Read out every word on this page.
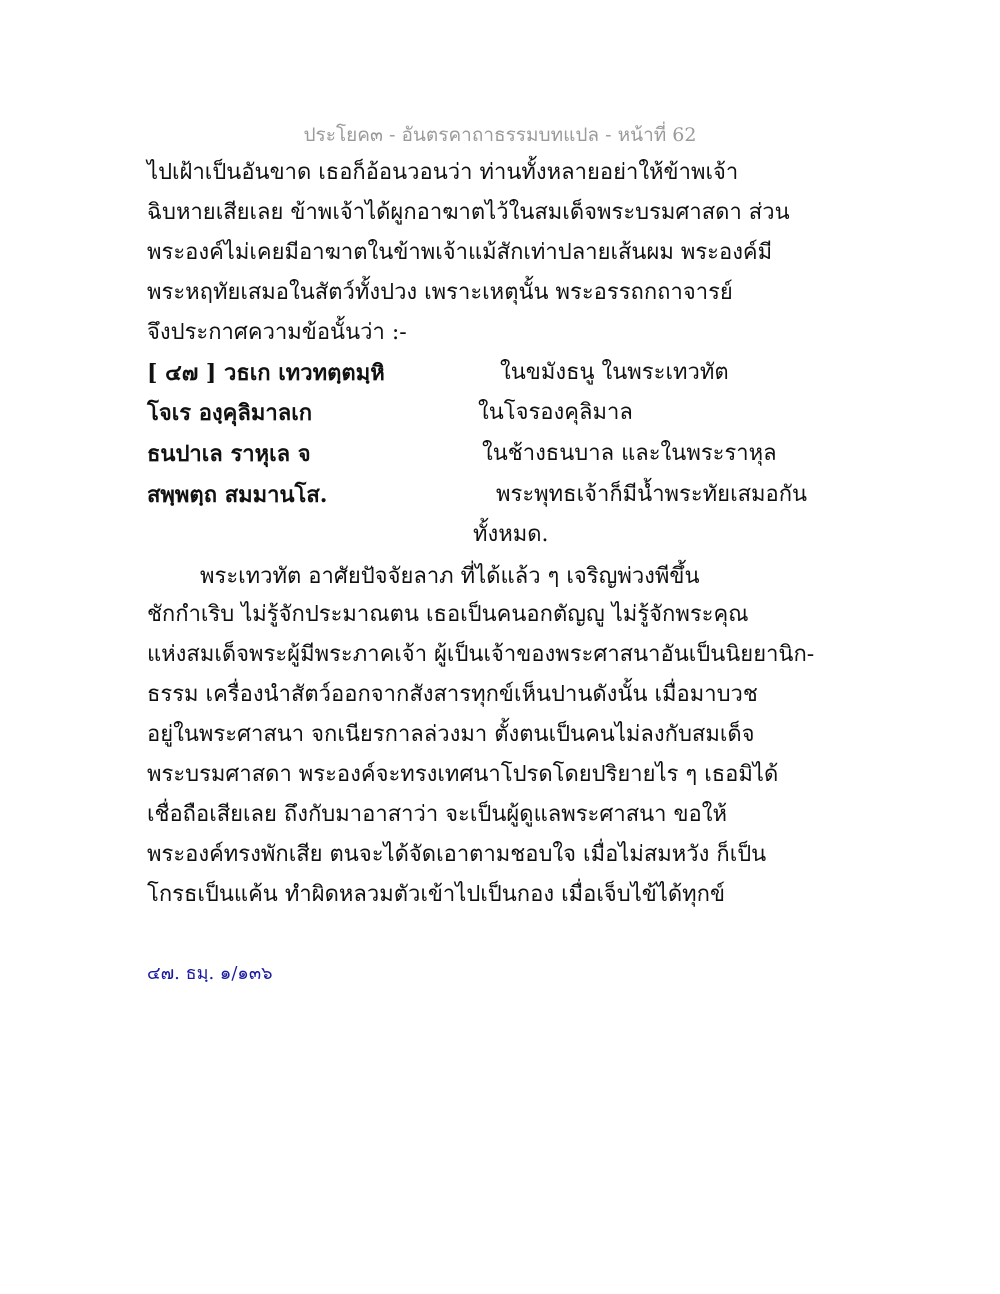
ประโยค๓ - อันตรคาถาธรรมบทแปล - หน้าที่ 62
ไปเฝ้าเป็นอันขาด เธอก็อ้อนวอนว่า ท่านทั้งหลายอย่าให้ข้าพเจ้า
ฉิบหายเสียเลย ข้าพเจ้าได้ผูกอาฆาตไว้ในสมเด็จพระบรมศาสดา ส่วน
พระองค์ไม่เคยมีอาฆาตในข้าพเจ้าแม้สักเท่าปลายเส้นผม พระองค์มี
พระหฤทัยเสมอในสัตว์ทั้งปวง เพราะเหตุนั้น พระอรรถกถาจารย์
จึงประกาศความข้อนั้นว่า :-
[ ๔๗ ] วธเก เทวทตฺตมฺหิ	ในขมังธนู ในพระเทวทัต
โจเร องฺคุลิมาลเก	ในโจรองคุลิมาล
ธนปาเล ราหุเล จ	ในช้างธนบาล และในพระราหุล
สพฺพตฺถ สมมานโส.	พระพุทธเจ้าก็มีน้ำพระทัยเสมอกัน
ทั้งหมด.
พระเทวทัต อาศัยปัจจัยลาภ ที่ได้แล้ว ๆ เจริญพ่วงพีขึ้น
ชักกำเริบ ไม่รู้จักประมาณตน เธอเป็นคนอกตัญญู ไม่รู้จักพระคุณ
แห่งสมเด็จพระผู้มีพระภาคเจ้า ผู้เป็นเจ้าของพระศาสนาอันเป็นนิยยานิก-
ธรรม เครื่องนำสัตว์ออกจากสังสารทุกข์เห็นปานดังนั้น เมื่อมาบวช
อยู่ในพระศาสนา จกเนียรกาลล่วงมา ตั้งตนเป็นคนไม่ลงกับสมเด็จ
พระบรมศาสดา พระองค์จะทรงเทศนาโปรดโดยปริยายไร ๆ เธอมิได้
เชื่อถือเสียเลย ถึงกับมาอาสาว่า จะเป็นผู้ดูแลพระศาสนา ขอให้
พระองค์ทรงพักเสีย ตนจะได้จัดเอาตามชอบใจ เมื่อไม่สมหวัง ก็เป็น
โกรธเป็นแค้น ทำผิดหลวมตัวเข้าไปเป็นกอง เมื่อเจ็บไข้ได้ทุกข์
๔๗. ธมฺ. ๑/๑๓๖
